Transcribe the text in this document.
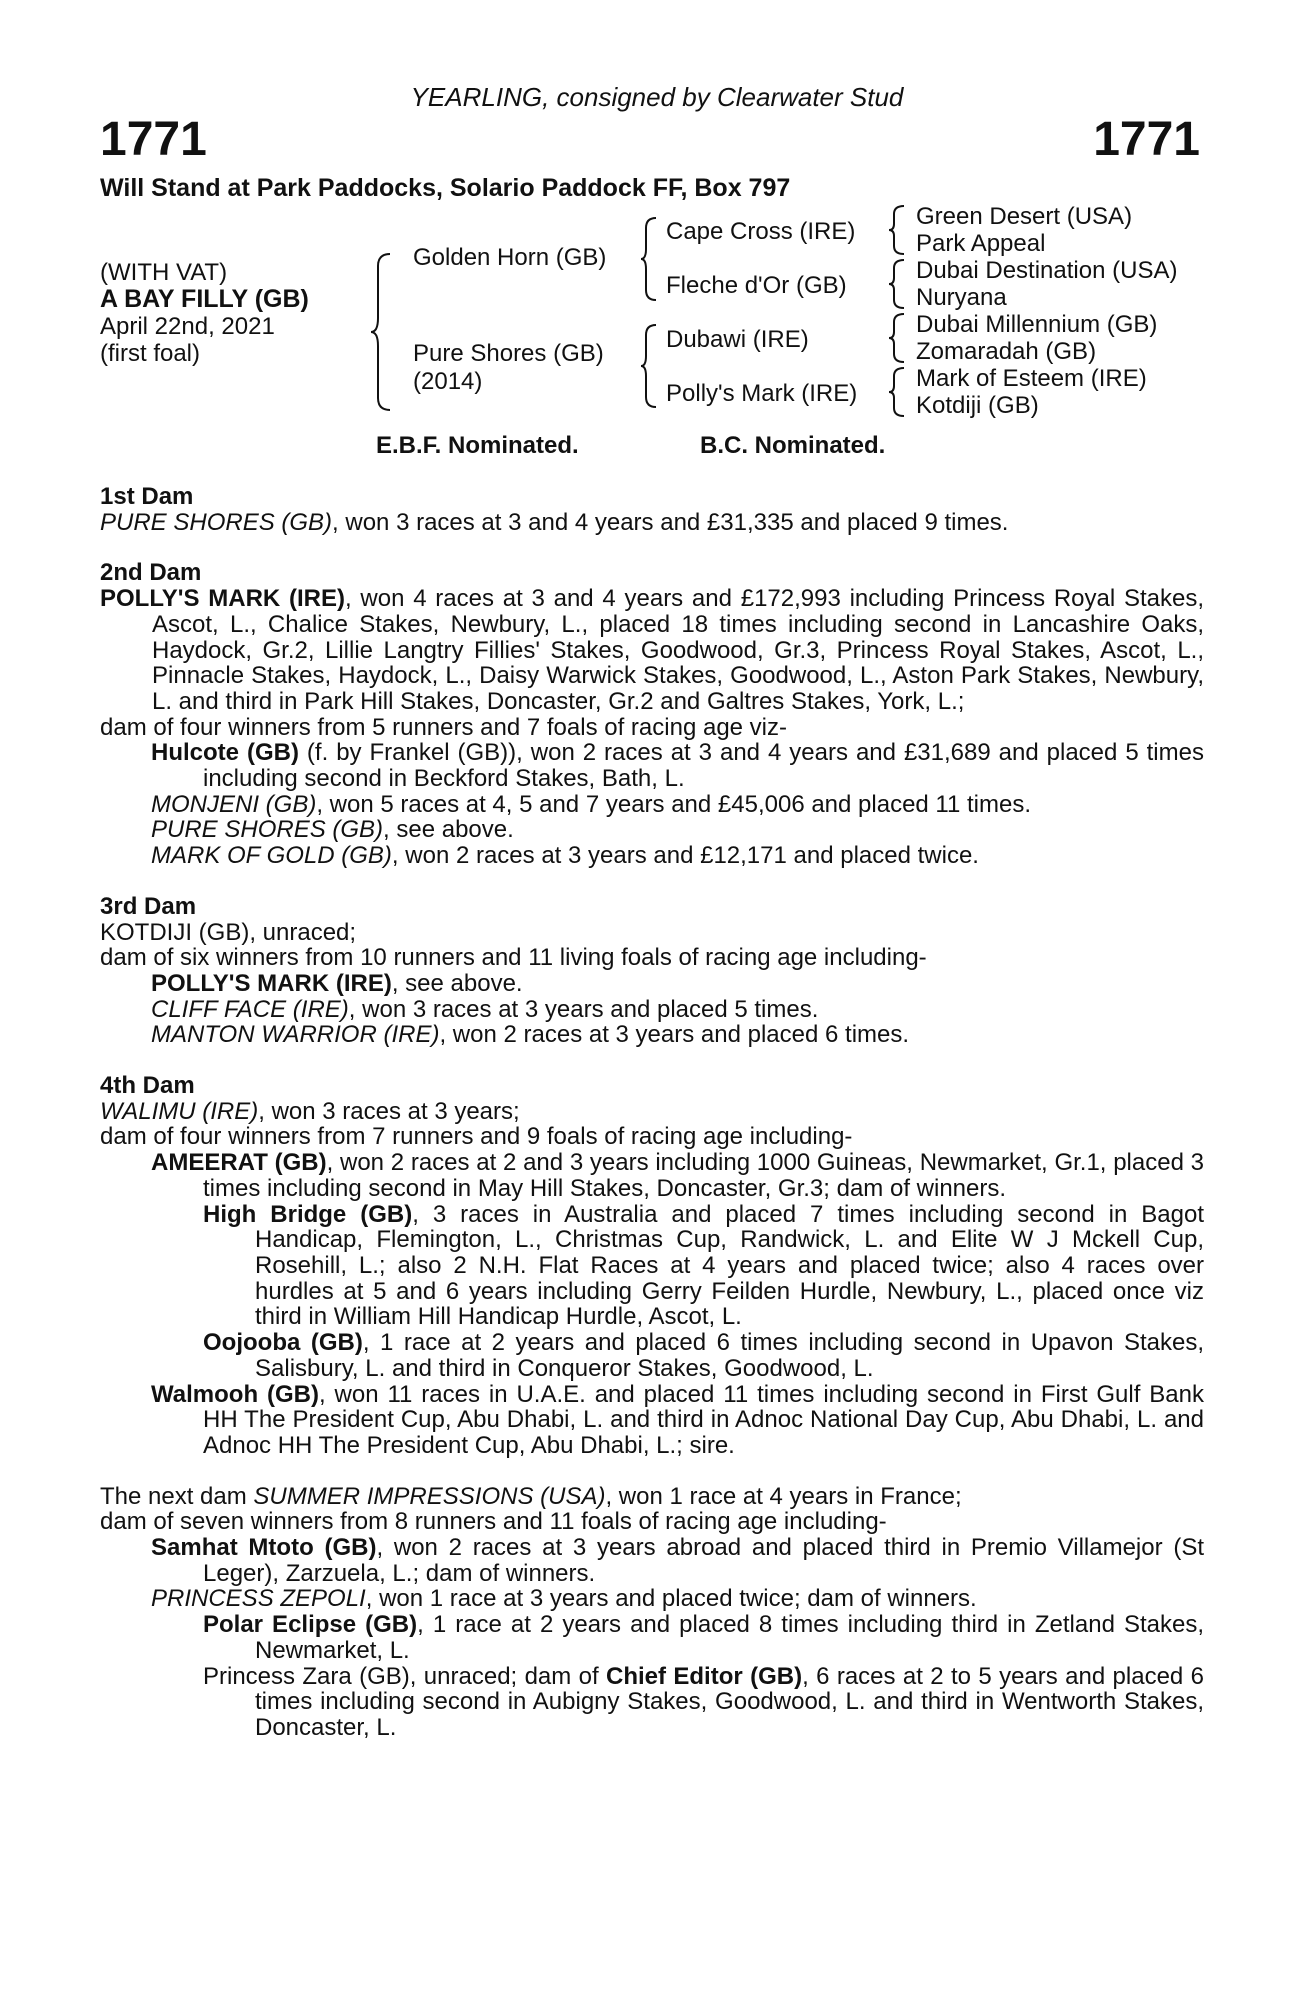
YEARLING, consigned by Clearwater Stud
1771	1771
Will Stand at Park Paddocks, Solario Paddock FF, Box 797
(WITH VAT)
A BAY FILLY (GB)
April 22nd, 2021
(first foal)
Golden Horn (GB)
Pure Shores (GB)
(2014)
Cape Cross (IRE)
Fleche d'Or (GB)
Dubawi (IRE)
Polly's Mark (IRE)
Green Desert (USA)
Park Appeal
Dubai Destination (USA)
Nuryana
Dubai Millennium (GB)
Zomaradah (GB)
Mark of Esteem (IRE)
Kotdiji (GB)
E.B.F. Nominated.	B.C. Nominated.
1st Dam
PURE SHORES (GB), won 3 races at 3 and 4 years and £31,335 and placed 9 times.
2nd Dam
POLLY'S MARK (IRE), won 4 races at 3 and 4 years and £172,993 including Princess Royal Stakes, Ascot, L., Chalice Stakes, Newbury, L., placed 18 times including second in Lancashire Oaks, Haydock, Gr.2, Lillie Langtry Fillies' Stakes, Goodwood, Gr.3, Princess Royal Stakes, Ascot, L., Pinnacle Stakes, Haydock, L., Daisy Warwick Stakes, Goodwood, L., Aston Park Stakes, Newbury, L. and third in Park Hill Stakes, Doncaster, Gr.2 and Galtres Stakes, York, L.;
dam of four winners from 5 runners and 7 foals of racing age viz-
Hulcote (GB) (f. by Frankel (GB)), won 2 races at 3 and 4 years and £31,689 and placed 5 times including second in Beckford Stakes, Bath, L.
MONJENI (GB), won 5 races at 4, 5 and 7 years and £45,006 and placed 11 times.
PURE SHORES (GB), see above.
MARK OF GOLD (GB), won 2 races at 3 years and £12,171 and placed twice.
3rd Dam
KOTDIJI (GB), unraced;
dam of six winners from 10 runners and 11 living foals of racing age including-
POLLY'S MARK (IRE), see above.
CLIFF FACE (IRE), won 3 races at 3 years and placed 5 times.
MANTON WARRIOR (IRE), won 2 races at 3 years and placed 6 times.
4th Dam
WALIMU (IRE), won 3 races at 3 years;
dam of four winners from 7 runners and 9 foals of racing age including-
AMEERAT (GB), won 2 races at 2 and 3 years including 1000 Guineas, Newmarket, Gr.1, placed 3 times including second in May Hill Stakes, Doncaster, Gr.3; dam of winners.
High Bridge (GB), 3 races in Australia and placed 7 times including second in Bagot Handicap, Flemington, L., Christmas Cup, Randwick, L. and Elite W J Mckell Cup, Rosehill, L.; also 2 N.H. Flat Races at 4 years and placed twice; also 4 races over hurdles at 5 and 6 years including Gerry Feilden Hurdle, Newbury, L., placed once viz third in William Hill Handicap Hurdle, Ascot, L.
Oojooba (GB), 1 race at 2 years and placed 6 times including second in Upavon Stakes, Salisbury, L. and third in Conqueror Stakes, Goodwood, L.
Walmooh (GB), won 11 races in U.A.E. and placed 11 times including second in First Gulf Bank HH The President Cup, Abu Dhabi, L. and third in Adnoc National Day Cup, Abu Dhabi, L. and Adnoc HH The President Cup, Abu Dhabi, L.; sire.
The next dam SUMMER IMPRESSIONS (USA), won 1 race at 4 years in France;
dam of seven winners from 8 runners and 11 foals of racing age including-
Samhat Mtoto (GB), won 2 races at 3 years abroad and placed third in Premio Villamejor (St Leger), Zarzuela, L.; dam of winners.
PRINCESS ZEPOLI, won 1 race at 3 years and placed twice; dam of winners.
Polar Eclipse (GB), 1 race at 2 years and placed 8 times including third in Zetland Stakes, Newmarket, L.
Princess Zara (GB), unraced; dam of Chief Editor (GB), 6 races at 2 to 5 years and placed 6 times including second in Aubigny Stakes, Goodwood, L. and third in Wentworth Stakes, Doncaster, L.
